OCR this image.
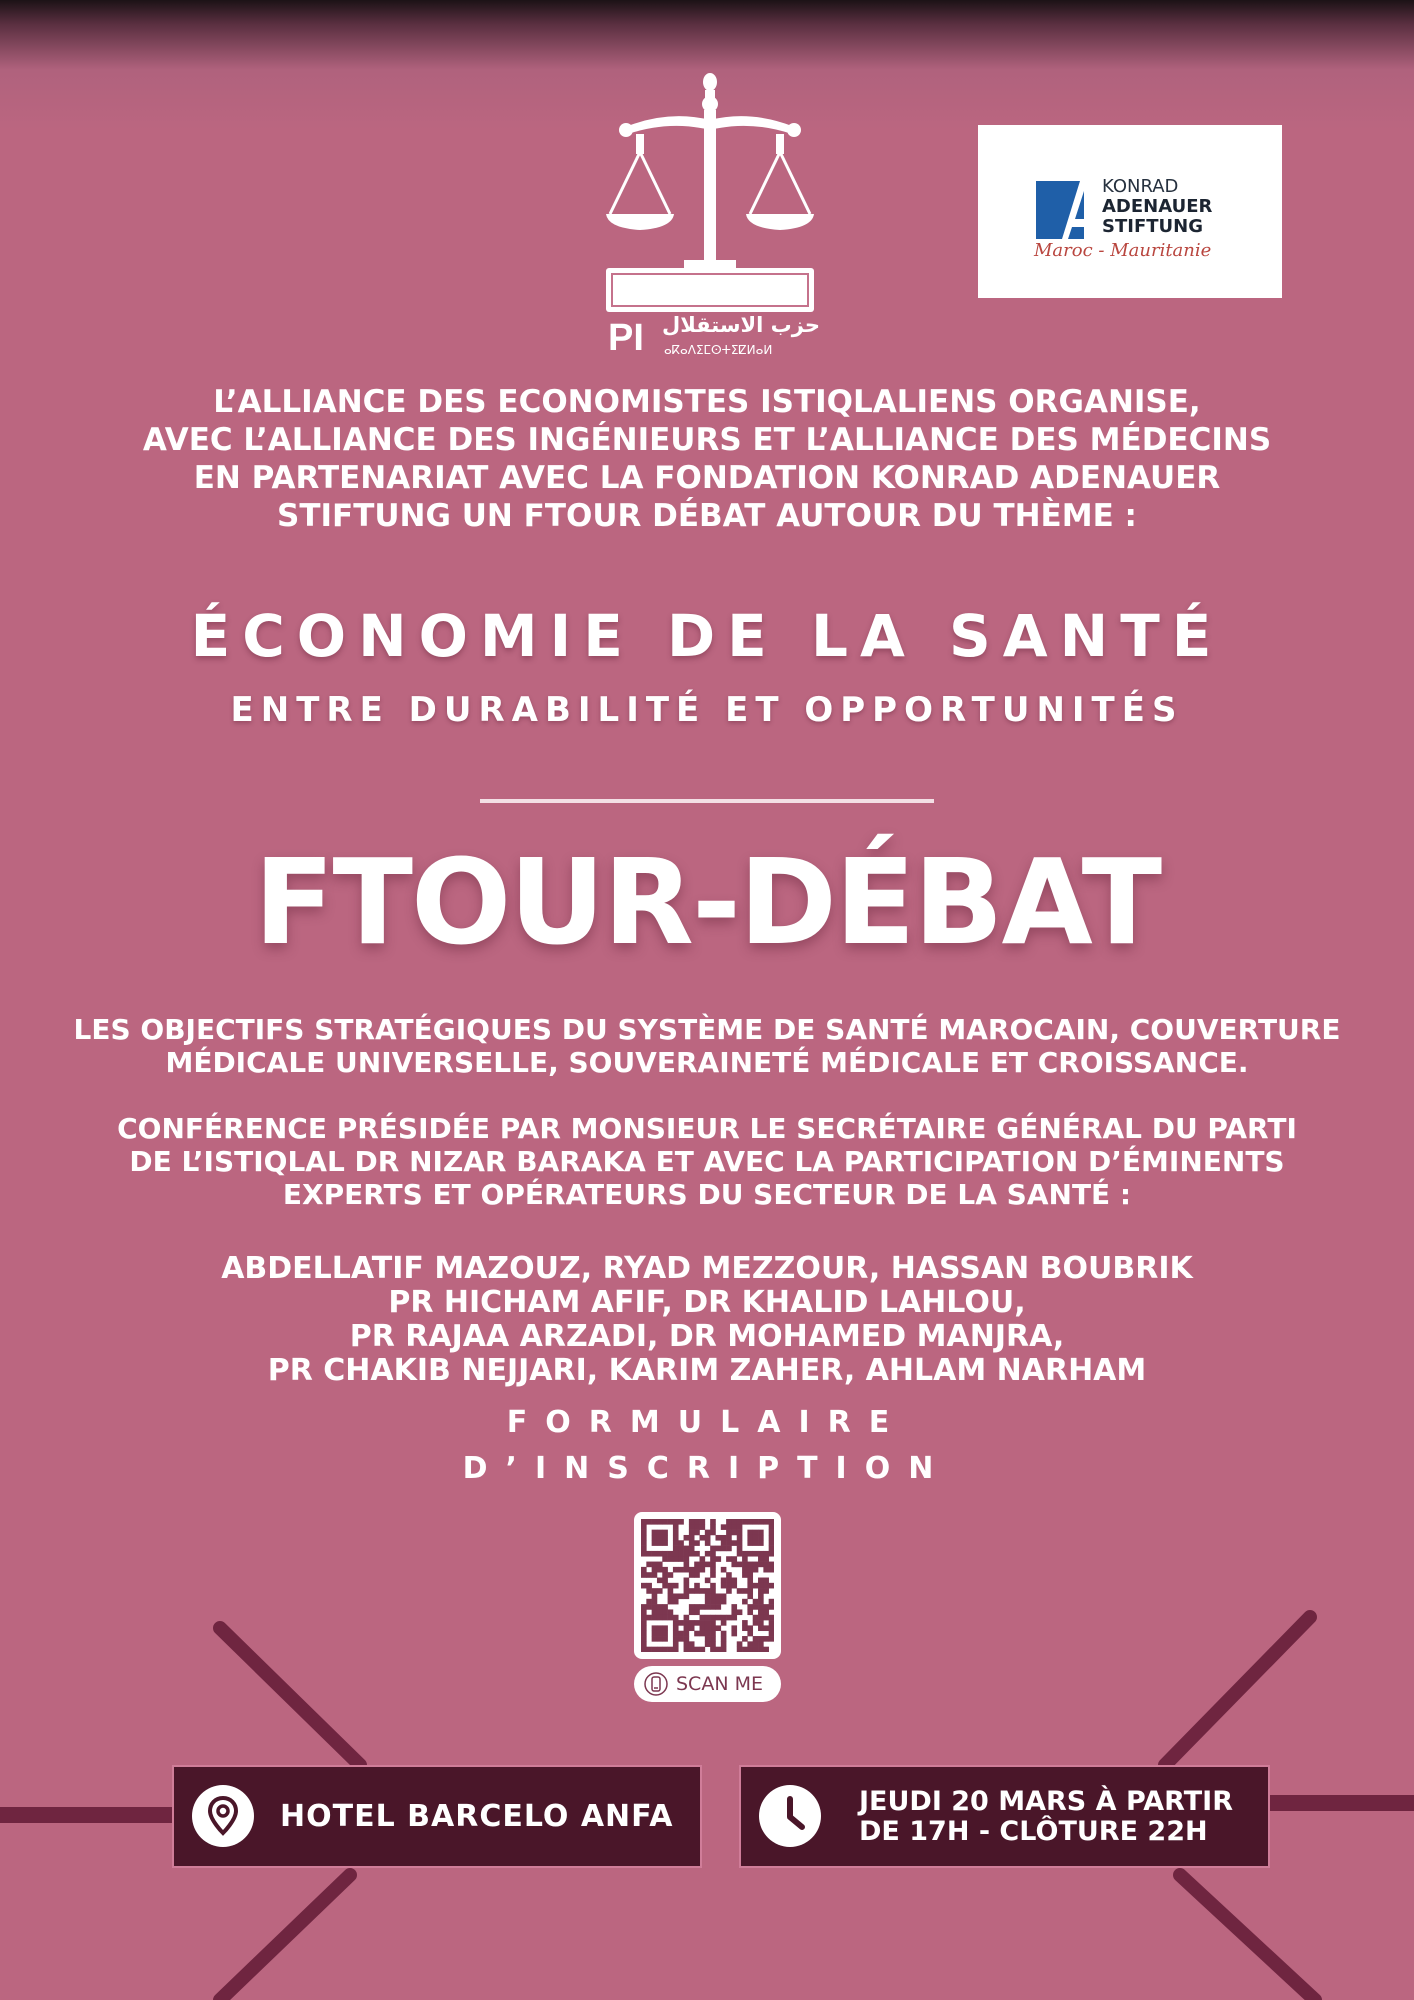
PI حزب الاستقلال
ⴰⴽⴰⴷⵉⵎⵙⵜⵉⵇⵍⴰⵍ
KONRAD
ADENAUER
STIFTUNG
Maroc - Mauritanie
L’ALLIANCE DES ECONOMISTES ISTIQLALIENS ORGANISE,
AVEC L’ALLIANCE DES INGÉNIEURS ET L’ALLIANCE DES MÉDECINS
EN PARTENARIAT AVEC LA FONDATION KONRAD ADENAUER
STIFTUNG UN FTOUR DÉBAT AUTOUR DU THÈME :
ÉCONOMIE DE LA SANTÉ
ENTRE DURABILITÉ ET OPPORTUNITÉS
FTOUR-DÉBAT
LES OBJECTIFS STRATÉGIQUES DU SYSTÈME DE SANTÉ MAROCAIN, COUVERTURE
MÉDICALE UNIVERSELLE, SOUVERAINETÉ MÉDICALE ET CROISSANCE.
CONFÉRENCE PRÉSIDÉE PAR MONSIEUR LE SECRÉTAIRE GÉNÉRAL DU PARTI
DE L’ISTIQLAL DR NIZAR BARAKA ET AVEC LA PARTICIPATION D’ÉMINENTS
EXPERTS ET OPÉRATEURS DU SECTEUR DE LA SANTÉ :
ABDELLATIF MAZOUZ, RYAD MEZZOUR, HASSAN BOUBRIK
PR HICHAM AFIF, DR KHALID LAHLOU,
PR RAJAA ARZADI, DR MOHAMED MANJRA,
PR CHAKIB NEJJARI, KARIM ZAHER, AHLAM NARHAM
FORMULAIRE
D’INSCRIPTION
SCAN ME
HOTEL BARCELO ANFA	JEUDI 20 MARS À PARTIR
DE 17H - CLÔTURE 22H
